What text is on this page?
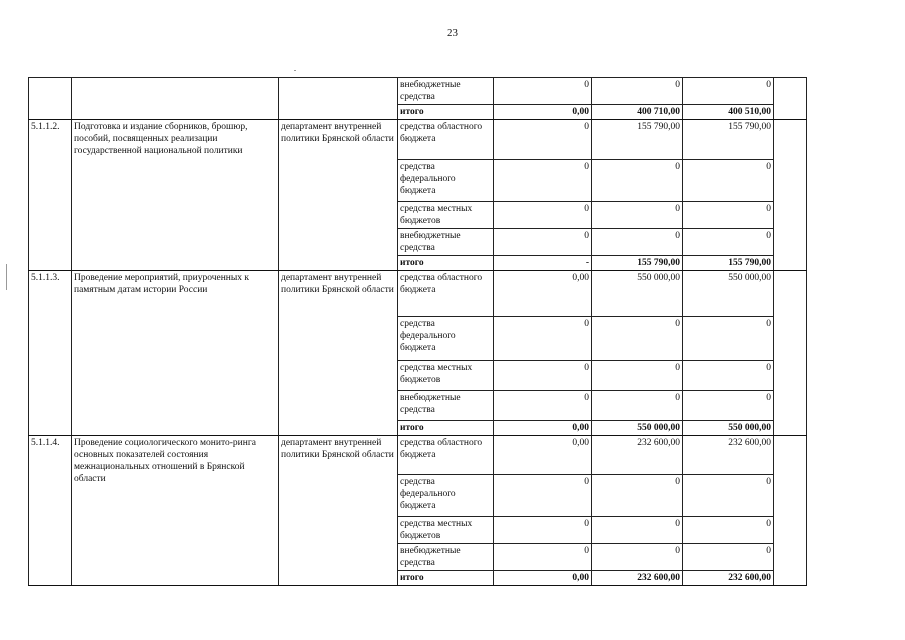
23
			внебюджетные средства	0	0	0	
			итого	0,00	400 710,00	400 510,00	
5.1.1.2.	Подготовка и издание сборников, брошюр, пособий, посвященных реализации государственной национальной политики	департамент внутренней политики Брянской области	средства областного бюджета	0	155 790,00	155 790,00	
			средства федерального бюджета	0	0	0	
			средства местных бюджетов	0	0	0	
			внебюджетные средства	0	0	0	
			итого	-	155 790,00	155 790,00	
5.1.1.3.	Проведение мероприятий, приуроченных к памятным датам истории России	департамент внутренней политики Брянской области	средства областного бюджета	0,00	550 000,00	550 000,00	
			средства федерального бюджета	0	0	0	
			средства местных бюджетов	0	0	0	
			внебюджетные средства	0	0	0	
			итого	0,00	550 000,00	550 000,00	
5.1.1.4.	Проведение социологического монито-ринга основных показателей состояния межнациональных отношений в Брянской области	департамент внутренней политики Брянской области	средства областного бюджета	0,00	232 600,00	232 600,00	
			средства федерального бюджета	0	0	0	
			средства местных бюджетов	0	0	0	
			внебюджетные средства	0	0	0	
			итого	0,00	232 600,00	232 600,00	
